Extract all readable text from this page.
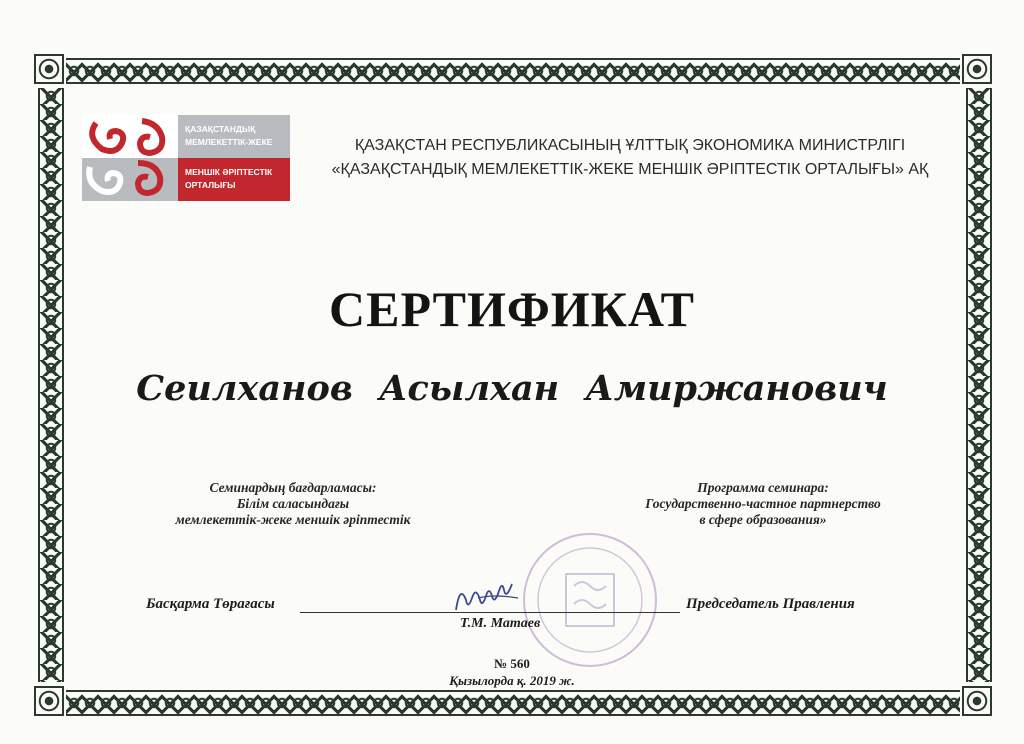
ҚАЗАҚСТАНДЫҚ
МЕМЛЕКЕТТІК-ЖЕКЕ
МЕНШІК ӘРІПТЕСТІК
ОРТАЛЫҒЫ
ҚАЗАҚСТАН РЕСПУБЛИКАСЫНЫҢ ҰЛТТЫҚ ЭКОНОМИКА МИНИСТРЛІГІ
«ҚАЗАҚСТАНДЫҚ МЕМЛЕКЕТТІК-ЖЕКЕ МЕНШІК ӘРІПТЕСТІК ОРТАЛЫҒЫ» АҚ
СЕРТИФИКАТ
Сеилханов Асылхан Амиржанович
Семинардың бағдарламасы:
Білім саласындағы
мемлекеттік-жеке меншік әріптестік
Программа семинара:
Государственно-частное партнерство
в сфере образования»
Басқарма Төрағасы	Председатель Правления
Т.М. Матаев
№ 560
Қызылорда қ. 2019 ж.
